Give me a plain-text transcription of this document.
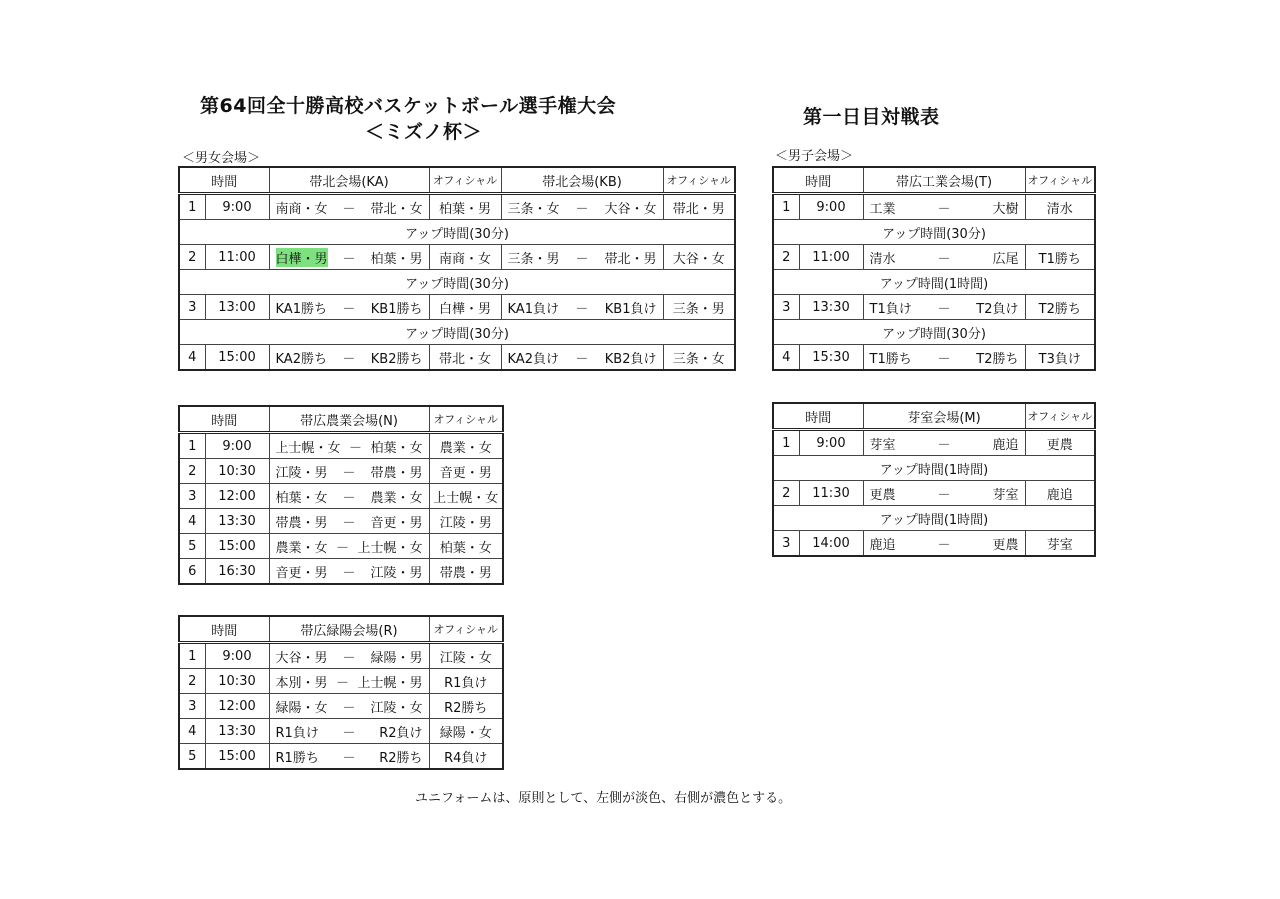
第64回全十勝高校バスケットボール選手権大会
＜ミズノ杯＞
第一日目対戦表
＜男女会場＞	＜男子会場＞
時間		帯北会場(KA)	オフィシャル	帯北会場(KB)	オフィシャル
1	9:00	南商・女 － 帯北・女	柏葉・男	三条・女 － 大谷・女	帯北・男
アップ時間(30分)					
2	11:00	白樺・男 － 柏葉・男	南商・女	三条・男 － 帯北・男	大谷・女
アップ時間(30分)					
3	13:00	KA1勝ち － KB1勝ち	白樺・男	KA1負け － KB1負け	三条・男
アップ時間(30分)					
4	15:00	KA2勝ち － KB2勝ち	帯北・女	KA2負け － KB2負け	三条・女
時間		帯広農業会場(N)	オフィシャル
1	9:00	上士幌・女 － 柏葉・女	農業・女
2	10:30	江陵・男 － 帯農・男	音更・男
3	12:00	柏葉・女 － 農業・女	上士幌・女
4	13:30	帯農・男 － 音更・男	江陵・男
5	15:00	農業・女 － 上士幌・女	柏葉・女
6	16:30	音更・男 － 江陵・男	帯農・男
時間		帯広緑陽会場(R)	オフィシャル
1	9:00	大谷・男 － 緑陽・男	江陵・女
2	10:30	本別・男 － 上士幌・男	R1負け
3	12:00	緑陽・女 － 江陵・女	R2勝ち
4	13:30	R1負け － R2負け	緑陽・女
5	15:00	R1勝ち － R2勝ち	R4負け
時間		帯広工業会場(T)	オフィシャル
1	9:00	工業 － 大樹	清水
アップ時間(30分)			
2	11:00	清水 － 広尾	T1勝ち
アップ時間(1時間)			
3	13:30	T1負け － T2負け	T2勝ち
アップ時間(30分)			
4	15:30	T1勝ち － T2勝ち	T3負け
時間		芽室会場(M)	オフィシャル
1	9:00	芽室 － 鹿追	更農
アップ時間(1時間)			
2	11:30	更農 － 芽室	鹿追
アップ時間(1時間)			
3	14:00	鹿追 － 更農	芽室
ユニフォームは、原則として、左側が淡色、右側が濃色とする。
